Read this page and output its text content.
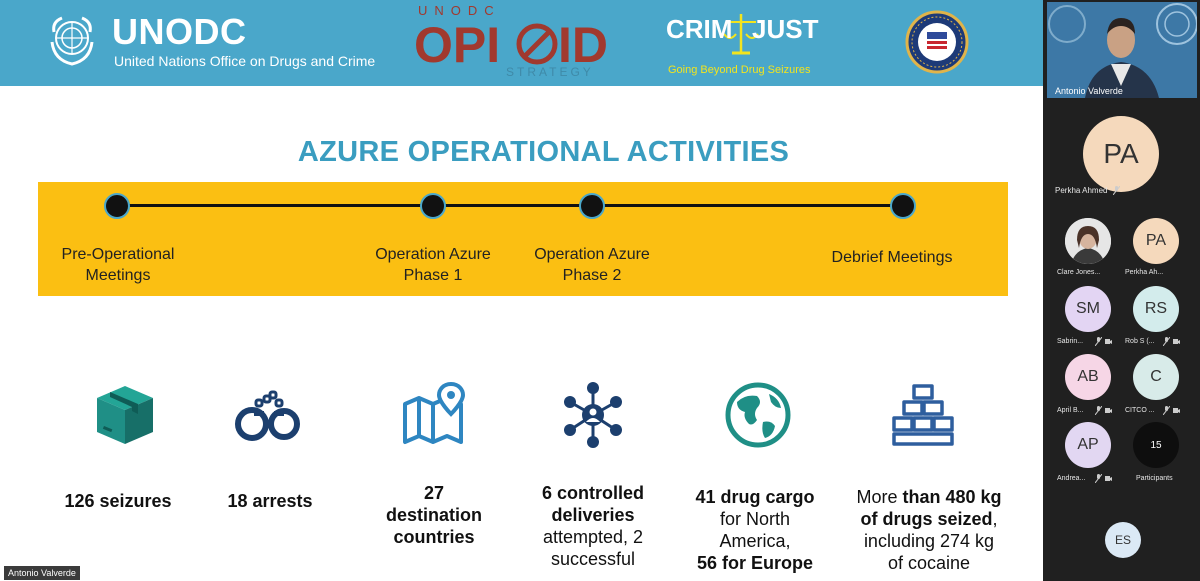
UNODC
United Nations Office on Drugs and Crime
UNODC
OPI ID
STRATEGY
CRIM JUST
Going Beyond Drug Seizures
AZURE OPERATIONAL ACTIVITIES
Pre-Operational
Meetings
Operation Azure
Phase 1
Operation Azure
Phase 2
Debrief Meetings
126 seizures	18 arrests	27
destination
countries
6 controlled
deliveries
attempted, 2
successful
41 drug cargo
for North
America,
56 for Europe
More than 480 kg
of drugs seized,
including 274 kg
of cocaine
Antonio Valverde
Antonio Valverde
PA
Perkha Ahmed
Clare Jones...
PA
Perkha Ah...
SM
Sabrin...
RS
Rob S (...
AB
April B...
C
CITCO ...
AP
Andrea...
15
Participants
ES
